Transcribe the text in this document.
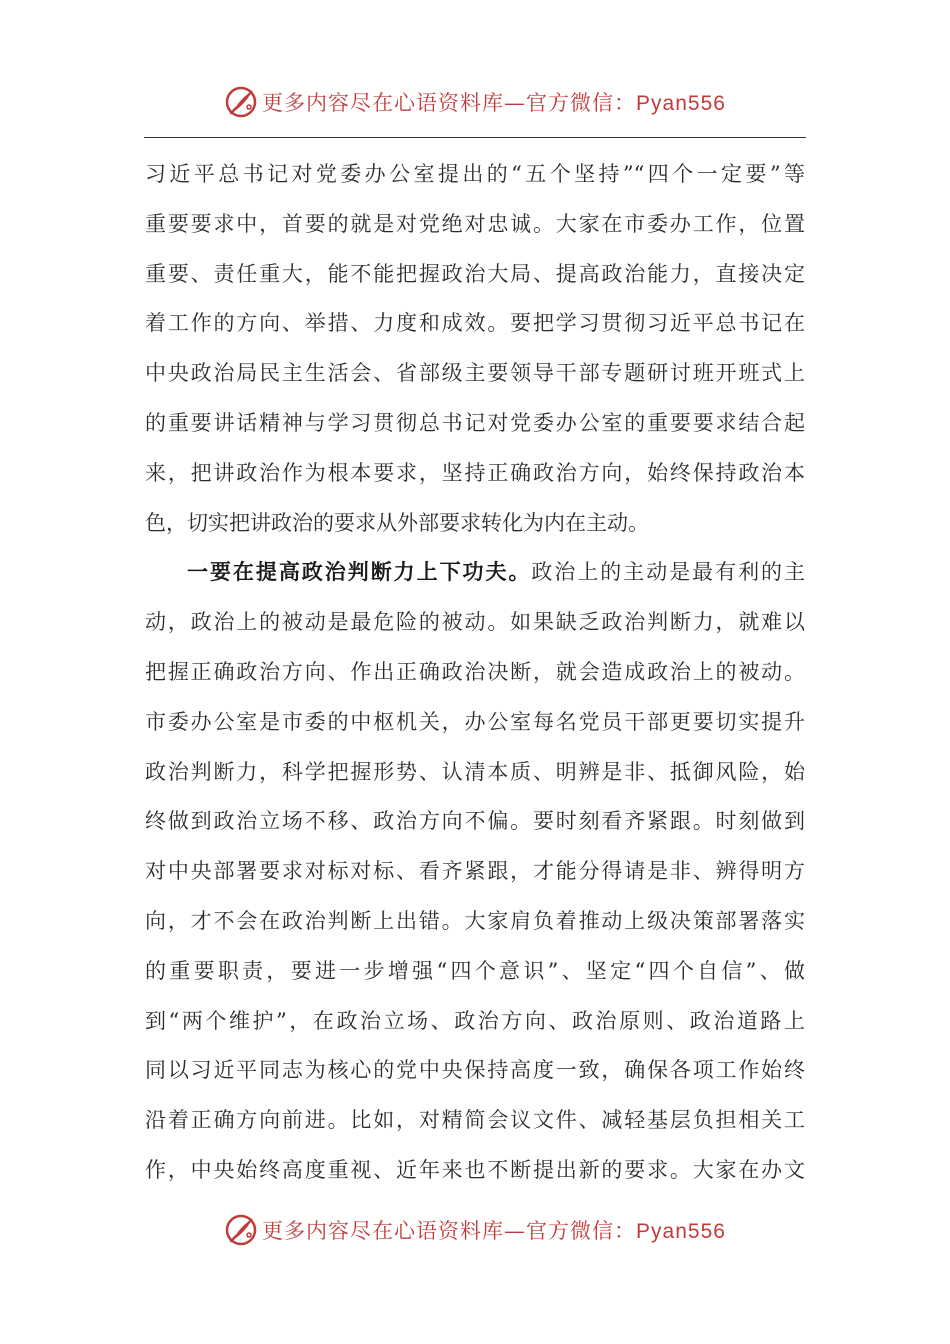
更多内容尽在心语资料库—官方微信：Pyan556
习近平总书记对党委办公室提出的“五个坚持”“四个一定要”等
重要要求中，首要的就是对党绝对忠诚。大家在市委办工作，位置
重要、责任重大，能不能把握政治大局、提高政治能力，直接决定
着工作的方向、举措、力度和成效。要把学习贯彻习近平总书记在
中央政治局民主生活会、省部级主要领导干部专题研讨班开班式上
的重要讲话精神与学习贯彻总书记对党委办公室的重要要求结合起
来，把讲政治作为根本要求，坚持正确政治方向，始终保持政治本
色，切实把讲政治的要求从外部要求转化为内在主动。
一要在提高政治判断力上下功夫。政治上的主动是最有利的主
动，政治上的被动是最危险的被动。如果缺乏政治判断力，就难以
把握正确政治方向、作出正确政治决断，就会造成政治上的被动。
市委办公室是市委的中枢机关，办公室每名党员干部更要切实提升
政治判断力，科学把握形势、认清本质、明辨是非、抵御风险，始
终做到政治立场不移、政治方向不偏。要时刻看齐紧跟。时刻做到
对中央部署要求对标对标、看齐紧跟，才能分得请是非、辨得明方
向，才不会在政治判断上出错。大家肩负着推动上级决策部署落实
的重要职责，要进一步增强“四个意识”、坚定“四个自信”、做
到“两个维护”，在政治立场、政治方向、政治原则、政治道路上
同以习近平同志为核心的党中央保持高度一致，确保各项工作始终
沿着正确方向前进。比如，对精简会议文件、减轻基层负担相关工
作，中央始终高度重视、近年来也不断提出新的要求。大家在办文
更多内容尽在心语资料库—官方微信：Pyan556
